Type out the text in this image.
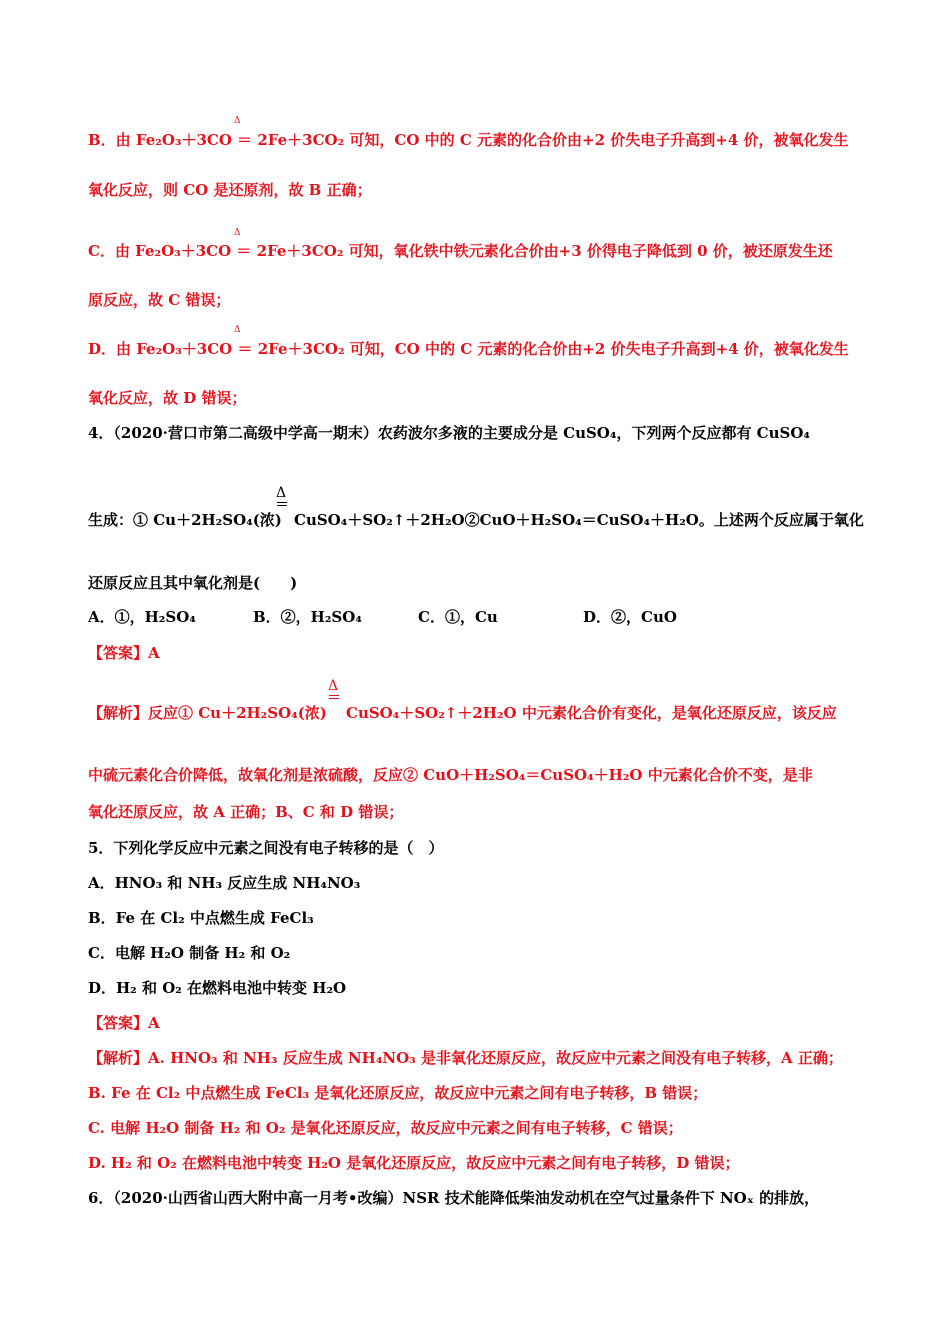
Δ
B．由 Fe₂O₃＋3CO ＝ 2Fe＋3CO₂ 可知，CO 中的 C 元素的化合价由+2 价失电子升高到+4 价，被氧化发生
氧化反应，则 CO 是还原剂，故 B 正确；
Δ
C．由 Fe₂O₃＋3CO ＝ 2Fe＋3CO₂ 可知，氧化铁中铁元素化合价由+3 价得电子降低到 0 价，被还原发生还
原反应，故 C 错误；
Δ
D．由 Fe₂O₃＋3CO ＝ 2Fe＋3CO₂ 可知，CO 中的 C 元素的化合价由+2 价失电子升高到+4 价，被氧化发生
氧化反应，故 D 错误；
4．（2020·营口市第二高级中学高一期末）农药波尔多液的主要成分是 CuSO₄，下列两个反应都有 CuSO₄
生成：① Cu＋2H₂SO₄(浓)
Δ
CuSO₄＋SO₂↑＋2H₂O②CuO＋H₂SO₄＝CuSO₄＋H₂O。上述两个反应属于氧化
还原反应且其中氧化剂是(　　)
A．①，H₂SO₄	B．②，H₂SO₄	C．①，Cu	D．②，CuO
【答案】A
【解析】反应① Cu＋2H₂SO₄(浓)
Δ
CuSO₄＋SO₂↑＋2H₂O 中元素化合价有变化，是氧化还原反应，该反应
中硫元素化合价降低，故氧化剂是浓硫酸，反应② CuO＋H₂SO₄＝CuSO₄＋H₂O 中元素化合价不变，是非
氧化还原反应，故 A 正确；B、C 和 D 错误；
5．下列化学反应中元素之间没有电子转移的是（　）
A．HNO₃ 和 NH₃ 反应生成 NH₄NO₃
B．Fe 在 Cl₂ 中点燃生成 FeCl₃
C．电解 H₂O 制备 H₂ 和 O₂
D．H₂ 和 O₂ 在燃料电池中转变 H₂O
【答案】A
【解析】A. HNO₃ 和 NH₃ 反应生成 NH₄NO₃ 是非氧化还原反应，故反应中元素之间没有电子转移，A 正确；
B. Fe 在 Cl₂ 中点燃生成 FeCl₃ 是氧化还原反应，故反应中元素之间有电子转移，B 错误；
C. 电解 H₂O 制备 H₂ 和 O₂ 是氧化还原反应，故反应中元素之间有电子转移，C 错误；
D. H₂ 和 O₂ 在燃料电池中转变 H₂O 是氧化还原反应，故反应中元素之间有电子转移，D 错误；
6．（2020·山西省山西大附中高一月考•改编）NSR 技术能降低柴油发动机在空气过量条件下 NOₓ 的排放，
